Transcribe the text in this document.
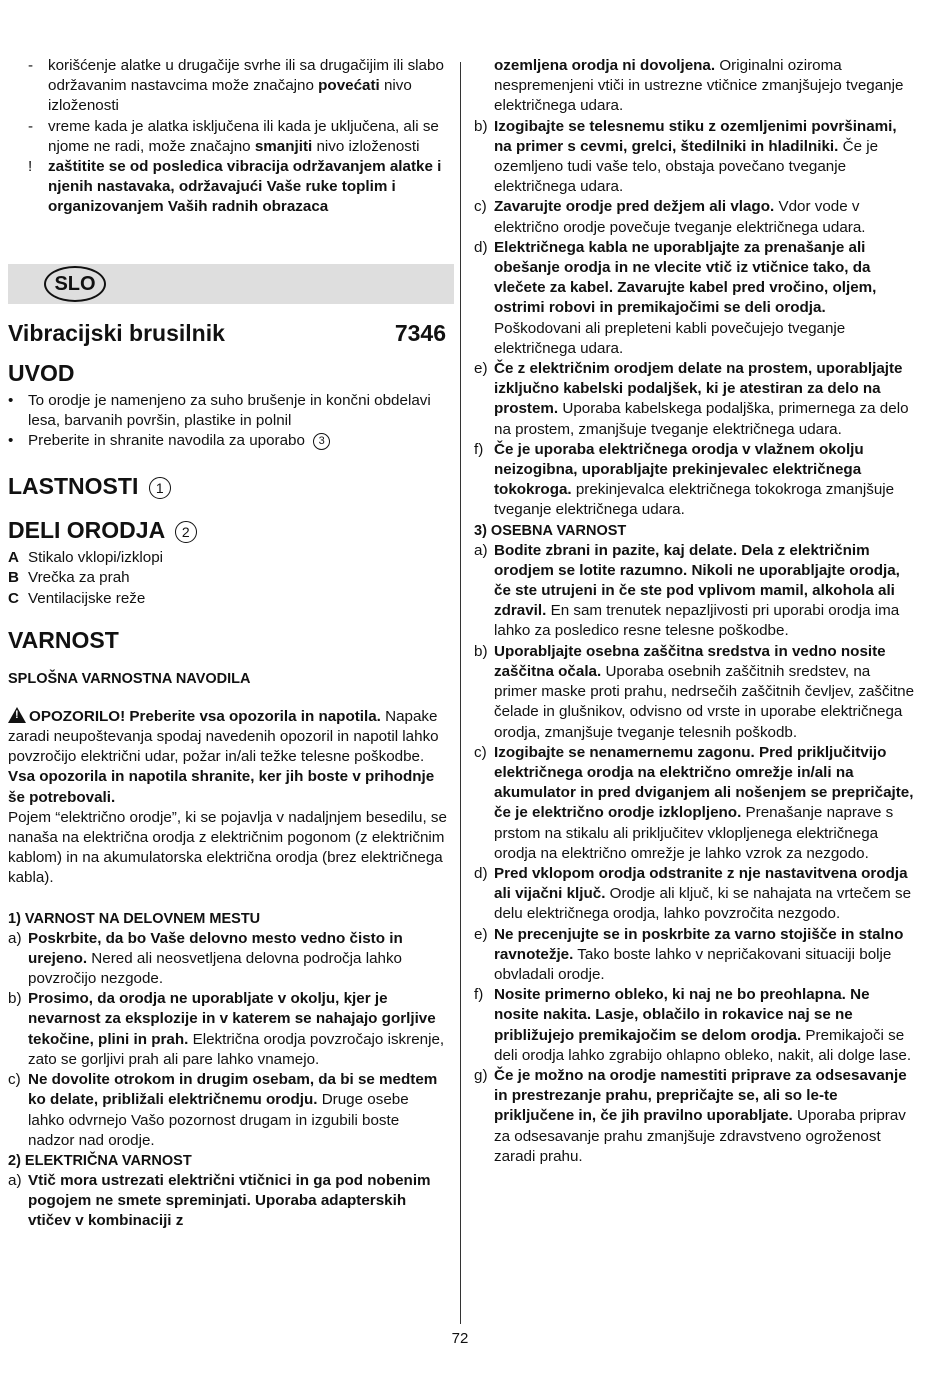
- korišćenje alatke u drugačije svrhe ili sa drugačijim ili slabo održavanim nastavcima može značajno povećati nivo izloženosti
- vreme kada je alatka isključena ili kada je uključena, ali se njome ne radi, može značajno smanjiti nivo izloženosti
!	zaštitite se od posledica vibracija održavanjem alatke i njenih nastavaka, održavajući Vaše ruke toplim i organizovanjem Vaših radnih obrazaca
SLO
Vibracijski brusilnik	7346
UVOD
• To orodje je namenjeno za suho brušenje in končni obdelavi lesa, barvanih površin, plastike in polnil
• Preberite in shranite navodila za uporabo 3
LASTNOSTI 1
DELI ORODJA 2
A Stikalo vklopi/izklopi
B Vrečka za prah
C Ventilacijske reže
VARNOST

SPLOŠNA VARNOSTNA NAVODILA

!OPOZORILO! Preberite vsa opozorila in napotila. Napake zaradi neupoštevanja spodaj navedenih opozoril in napotil lahko povzročijo električni udar, požar in/ali težke telesne poškodbe. Vsa opozorila in napotila shranite, ker jih boste v prihodnje še potrebovali.

Pojem “električno orodje”, ki se pojavlja v nadaljnjem besedilu, se nanaša na električna orodja z električnim pogonom (z električnim kablom) in na akumulatorska električna orodja (brez električnega kabla).

1) VARNOST NA DELOVNEM MESTU

a) Poskrbite, da bo Vaše delovno mesto vedno čisto in urejeno. Nered ali neosvetljena delovna področja lahko povzročijo nezgode.
b) Prosimo, da orodja ne uporabljate v okolju, kjer je nevarnost za eksplozije in v katerem se nahajajo gorljive tekočine, plini in prah. Električna orodja povzročajo iskrenje, zato se gorljivi prah ali pare lahko vnamejo.
c) Ne dovolite otrokom in drugim osebam, da bi se medtem ko delate, približali električnemu orodju. Druge osebe lahko odvrnejo Vašo pozornost drugam in izgubili boste nadzor nad orodje.

2) ELEKTRIČNA VARNOST

a) Vtič mora ustrezati električni vtičnici in ga pod nobenim pogojem ne smete spreminjati. Uporaba adapterskih vtičev v kombinaciji z
ozemljena orodja ni dovoljena. Originalni oziroma nespremenjeni vtiči in ustrezne vtičnice zmanjšujejo tveganje električnega udara.
b) Izogibajte se telesnemu stiku z ozemljenimi površinami, na primer s cevmi, grelci, štedilniki in hladilniki. Če je ozemljeno tudi vaše telo, obstaja povečano tveganje električnega udara.
c) Zavarujte orodje pred dežjem ali vlago. Vdor vode v električno orodje povečuje tveganje električnega udara.
d) Električnega kabla ne uporabljajte za prenašanje ali obešanje orodja in ne vlecite vtič iz vtičnice tako, da vlečete za kabel. Zavarujte kabel pred vročino, oljem, ostrimi robovi in premikajočimi se deli orodja. Poškodovani ali prepleteni kabli povečujejo tveganje električnega udara.
e) Če z električnim orodjem delate na prostem, uporabljajte izključno kabelski podaljšek, ki je atestiran za delo na prostem. Uporaba kabelskega podaljška, primernega za delo na prostem, zmanjšuje tveganje električnega udara.
f) Če je uporaba električnega orodja v vlažnem okolju neizogibna, uporabljajte prekinjevalec električnega tokokroga. prekinjevalca električnega tokokroga zmanjšuje tveganje električnega udara.

3) OSEBNA VARNOST

a) Bodite zbrani in pazite, kaj delate. Dela z električnim orodjem se lotite razumno. Nikoli ne uporabljajte orodja, če ste utrujeni in če ste pod vplivom mamil, alkohola ali zdravil. En sam trenutek nepazljivosti pri uporabi orodja ima lahko za posledico resne telesne poškodbe.
b) Uporabljajte osebna zaščitna sredstva in vedno nosite zaščitna očala. Uporaba osebnih zaščitnih sredstev, na primer maske proti prahu, nedrsečih zaščitnih čevljev, zaščitne čelade in glušnikov, odvisno od vrste in uporabe električnega orodja, zmanjšuje tveganje telesnih poškodb.
c) Izogibajte se nenamernemu zagonu. Pred priključitvijo električnega orodja na električno omrežje in/ali na akumulator in pred dviganjem ali nošenjem se prepričajte, če je električno orodje izklopljeno. Prenašanje naprave s prstom na stikalu ali priključitev vklopljenega električnega orodja na električno omrežje je lahko vzrok za nezgodo.
d) Pred vklopom orodja odstranite z nje nastavitvena orodja ali vijačni ključ. Orodje ali ključ, ki se nahajata na vrtečem se delu električnega orodja, lahko povzročita nezgodo.
e) Ne precenjujte se in poskrbite za varno stojišče in stalno ravnotežje. Tako boste lahko v nepričakovani situaciji bolje obvladali orodje.
f) Nosite primerno obleko, ki naj ne bo preohlapna. Ne nosite nakita. Lasje, oblačilo in rokavice naj se ne približujejo premikajočim se delom orodja. Premikajoči se deli orodja lahko zgrabijo ohlapno obleko, nakit, ali dolge lase.
g) Če je možno na orodje namestiti priprave za odsesavanje in prestrezanje prahu, prepričajte se, ali so le-te priključene in, če jih pravilno uporabljate. Uporaba priprav za odsesavanje prahu zmanjšuje zdravstveno ogroženost zaradi prahu.
72
